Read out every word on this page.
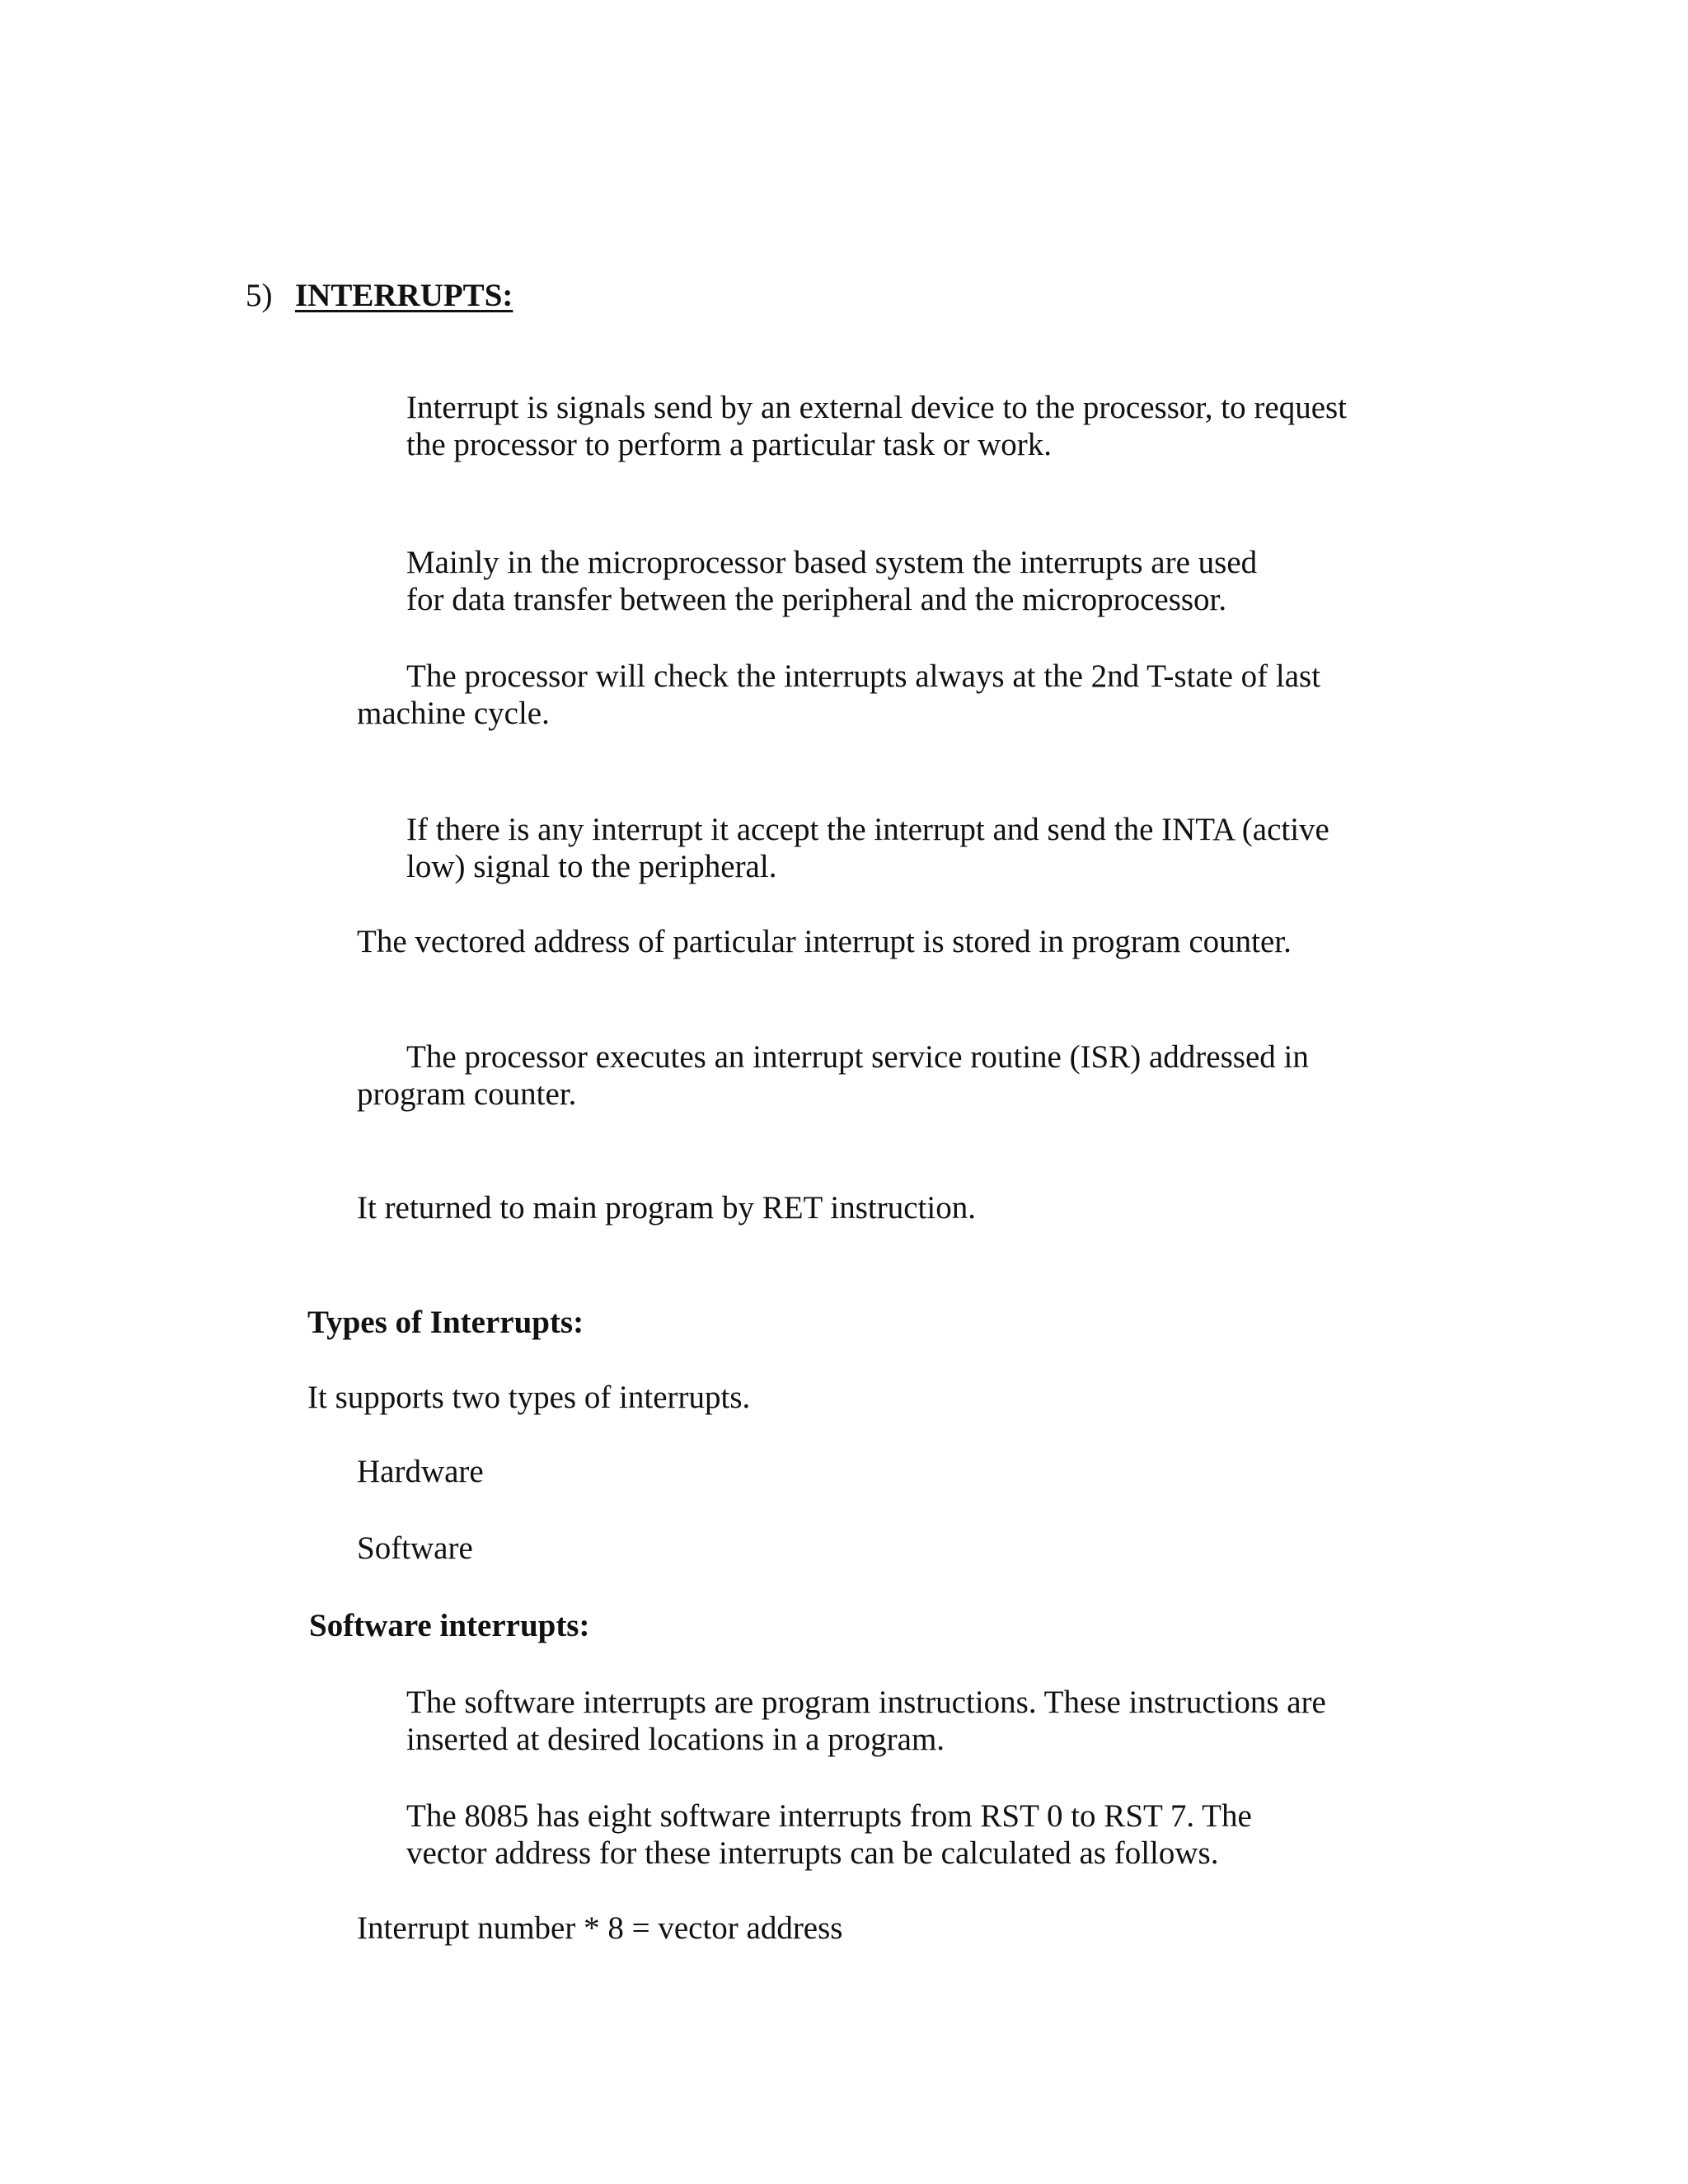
5) INTERRUPTS:

Interrupt is signals send by an external device to the processor, to request

the processor to perform a particular task or work.

Mainly in the microprocessor based system the interrupts are used

for data transfer between the peripheral and the microprocessor.

The processor will check the interrupts always at the 2nd T-state of last

machine cycle.

If there is any interrupt it accept the interrupt and send the INTA (active

low) signal to the peripheral.

The vectored address of particular interrupt is stored in program counter.

The processor executes an interrupt service routine (ISR) addressed in

program counter.

It returned to main program by RET instruction.

Types of Interrupts:

It supports two types of interrupts.

Hardware

Software

Software interrupts:

The software interrupts are program instructions. These instructions are

inserted at desired locations in a program.

The 8085 has eight software interrupts from RST 0 to RST 7. The

vector address for these interrupts can be calculated as follows.

Interrupt number * 8 = vector address
